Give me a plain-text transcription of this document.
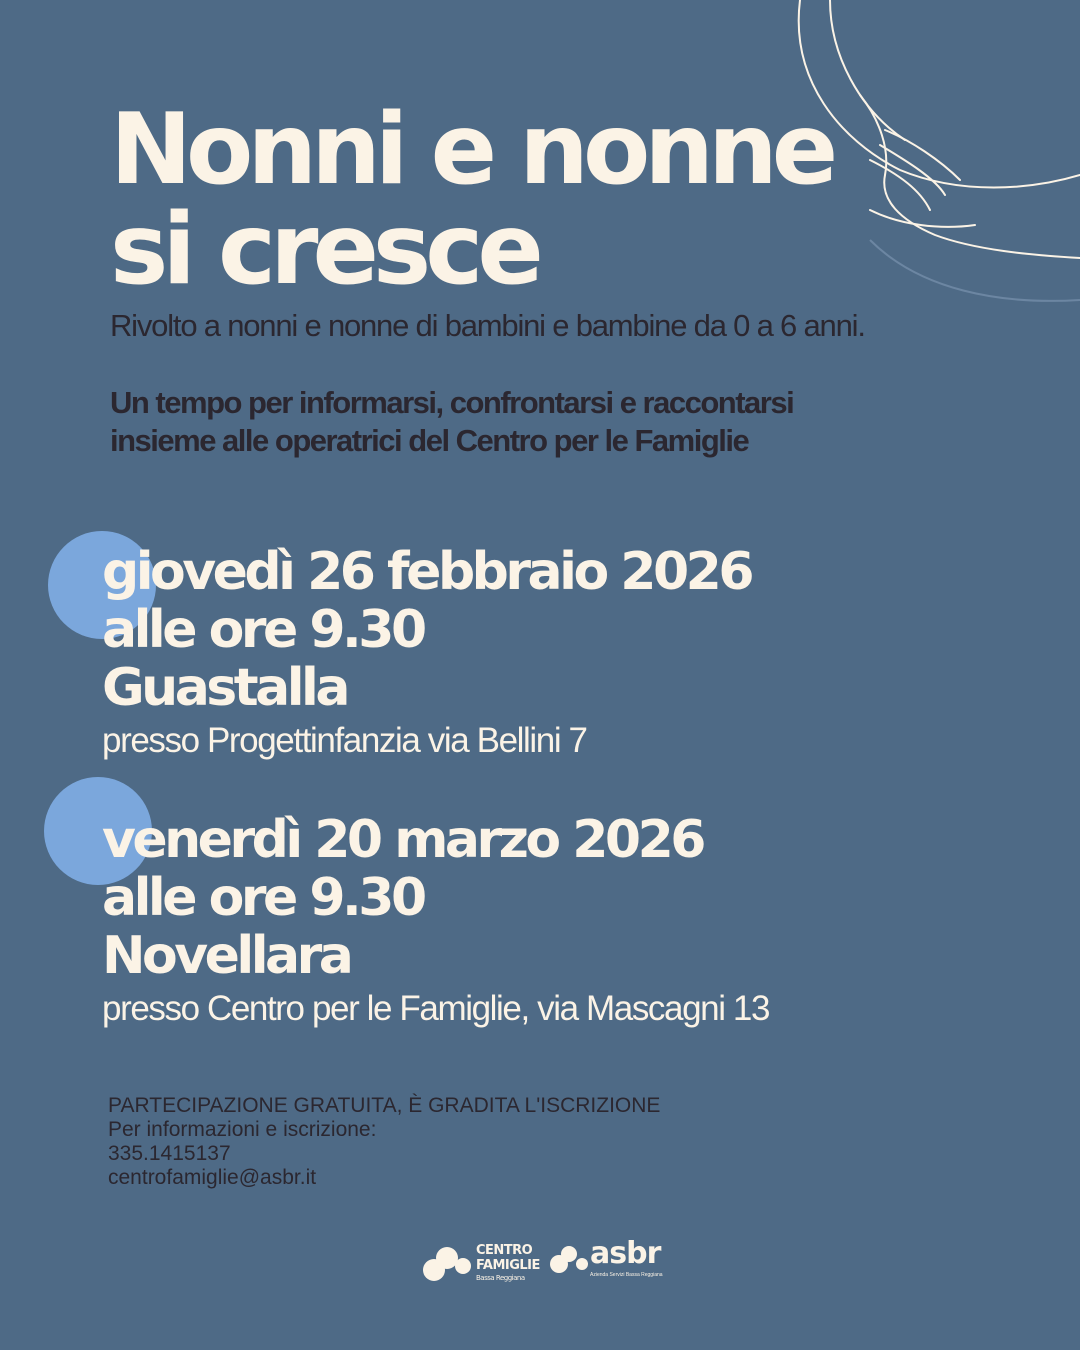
Nonni e nonne
si cresce
Rivolto a nonni e nonne di bambini e bambine da 0 a 6 anni.

Un tempo per informarsi, confrontarsi e raccontarsi
insieme alle operatrici del Centro per le Famiglie

giovedì 26 febbraio 2026
alle ore 9.30
Guastalla
presso Progettinfanzia via Bellini 7
venerdì 20 marzo 2026
alle ore 9.30
Novellara
presso Centro per le Famiglie, via Mascagni 13
PARTECIPAZIONE GRATUITA, È GRADITA L'ISCRIZIONE
Per informazioni e iscrizione:
335.1415137
centrofamiglie@asbr.it
CENTRO
FAMIGLIE
Bassa Reggiana
asbr
Azienda Servizi Bassa Reggiana
